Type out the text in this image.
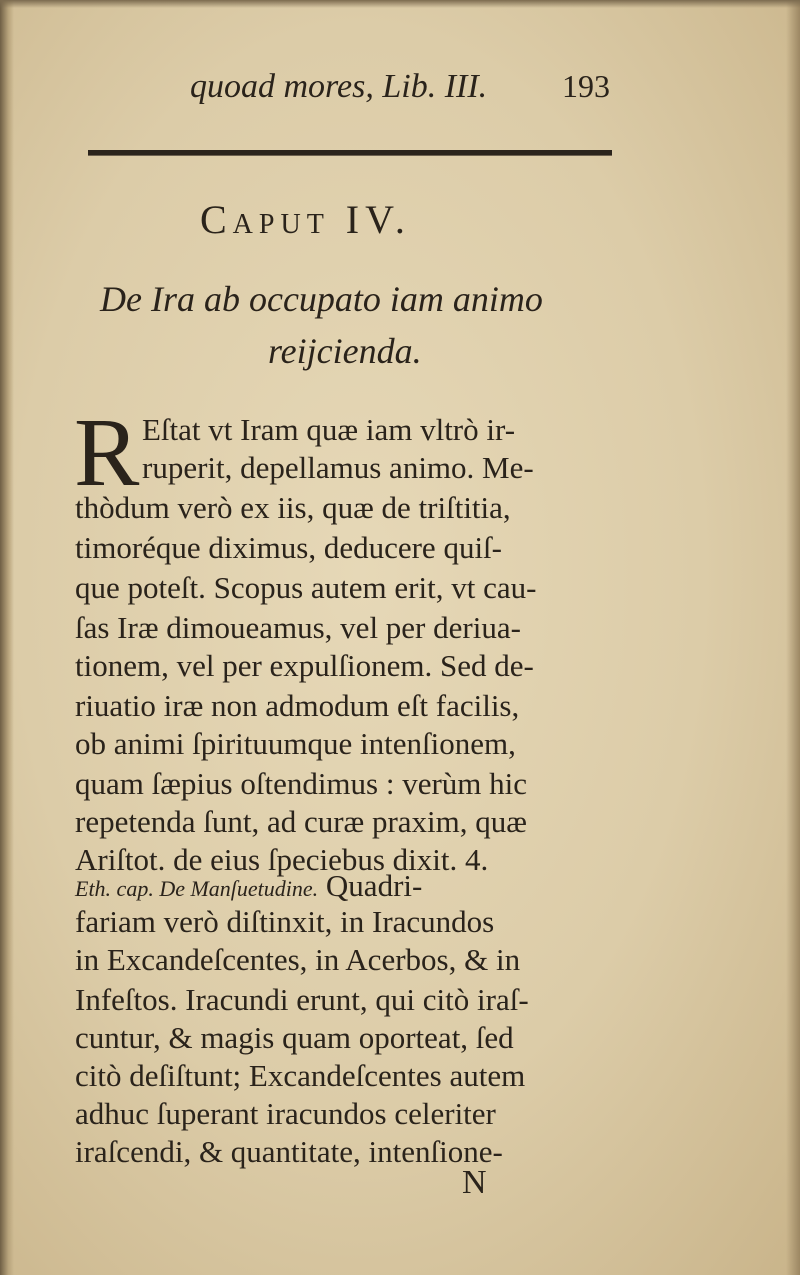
quoad mores, Lib. III. 193
Caput IV.
De Ira ab occupato iam animo
reijcienda.
R Eſtat vt Iram quæ iam vltrò ir-
ruperit, depellamus animo. Me-
thòdum verò ex iis, quæ de triſtitia,
timoréque diximus, deducere quiſ-
que poteſt. Scopus autem erit, vt cau-
ſas Iræ dimoueamus, vel per deriua-
tionem, vel per expulſionem. Sed de-
riuatio iræ non admodum eſt facilis,
ob animi ſpirituumque intenſionem,
quam ſæpius oſtendimus : verùm hic
repetenda ſunt, ad curæ praxim, quæ
Ariſtot. de eius ſpeciebus dixit. 4.
Eth. cap. De Manſuetudine. Quadri-
fariam verò diſtinxit, in Iracundos
in Excandeſcentes, in Acerbos, & in
Infeſtos. Iracundi erunt, qui citò iraſ-
cuntur, & magis quam oporteat, ſed
citò deſiſtunt; Excandeſcentes autem
adhuc ſuperant iracundos celeriter
iraſcendi, & quantitate, intenſione-
N
